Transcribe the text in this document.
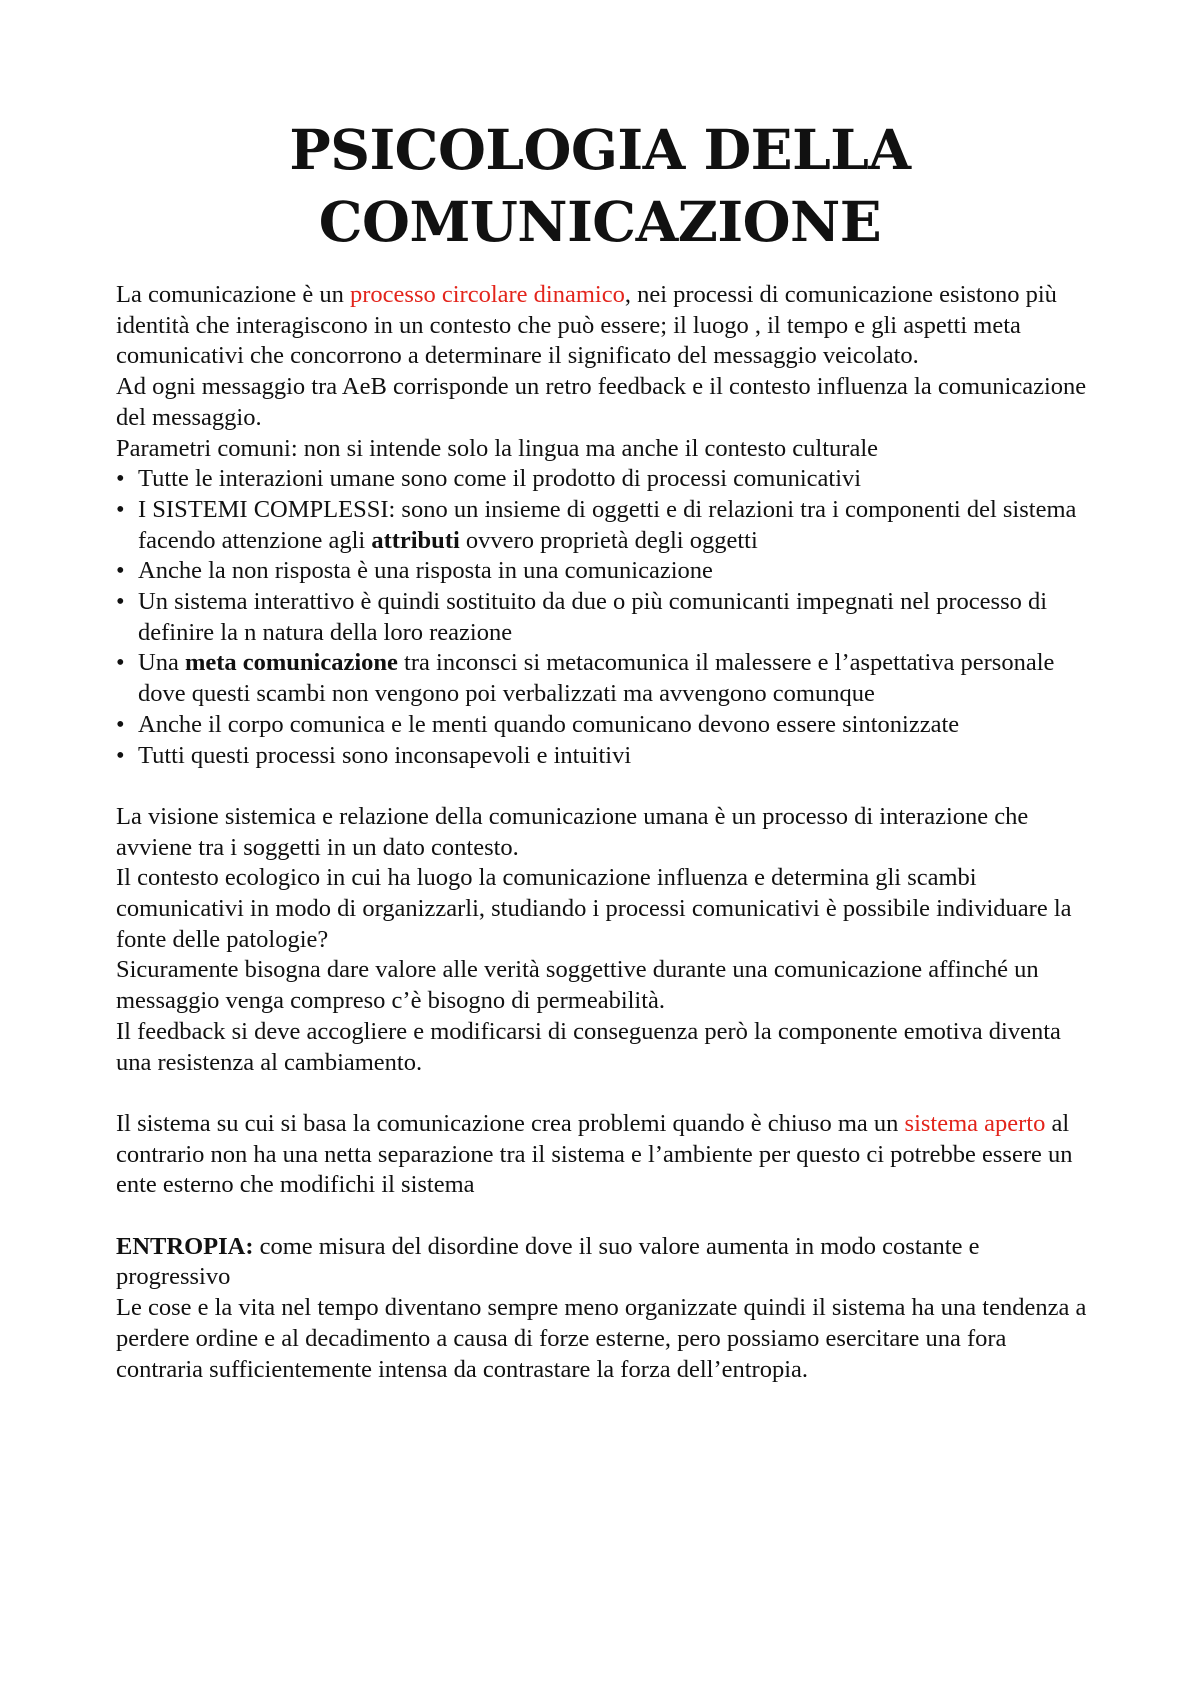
PSICOLOGIA DELLA
COMUNICAZIONE

La comunicazione è un processo circolare dinamico, nei processi di comunicazione esistono più identità che interagiscono in un contesto che può essere; il luogo , il tempo e gli aspetti meta comunicativi che concorrono a determinare il significato del messaggio veicolato.

Ad ogni messaggio tra AeB corrisponde un retro feedback e il contesto influenza la comunicazione del messaggio.

Parametri comuni: non si intende solo la lingua ma anche il contesto culturale

• Tutte le interazioni umane sono come il prodotto di processi comunicativi
• I SISTEMI COMPLESSI: sono un insieme di oggetti e di relazioni tra i componenti del sistema facendo attenzione agli attributi ovvero proprietà degli oggetti
• Anche la non risposta è una risposta in una comunicazione
• Un sistema interattivo è quindi sostituito da due o più comunicanti impegnati nel processo di definire la n natura della loro reazione
• Una meta comunicazione tra inconsci si metacomunica il malessere e l’aspettativa personale dove questi scambi non vengono poi verbalizzati ma avvengono comunque
• Anche il corpo comunica e le menti quando comunicano devono essere sintonizzate
• Tutti questi processi sono inconsapevoli e intuitivi

La visione sistemica e relazione della comunicazione umana è un processo di interazione che avviene tra i soggetti in un dato contesto.

Il contesto ecologico in cui ha luogo la comunicazione influenza e determina gli scambi comunicativi in modo di organizzarli, studiando i processi comunicativi è possibile individuare la fonte delle patologie?

Sicuramente bisogna dare valore alle verità soggettive durante una comunicazione affinché un messaggio venga compreso c’è bisogno di permeabilità.

Il feedback si deve accogliere e modificarsi di conseguenza però la componente emotiva diventa una resistenza al cambiamento.

Il sistema su cui si basa la comunicazione crea problemi quando è chiuso ma un sistema aperto al contrario non ha una netta separazione tra il sistema e l’ambiente per questo ci potrebbe essere un ente esterno che modifichi il sistema

ENTROPIA: come misura del disordine dove il suo valore aumenta in modo costante e progressivo

Le cose e la vita nel tempo diventano sempre meno organizzate quindi il sistema ha una tendenza a perdere ordine e al decadimento a causa di forze esterne, pero possiamo esercitare una fora contraria sufficientemente intensa da contrastare la forza dell’entropia.
